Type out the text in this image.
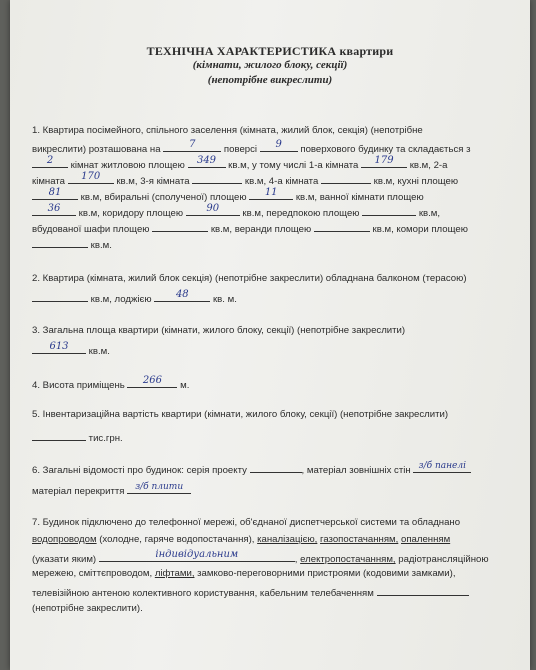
ТЕХНІЧНА ХАРАКТЕРИСТИКА квартири
(кімнати, жилого блоку, секції)
(непотрібне викреслити)
1. Квартира посімейного, спільного заселення (кімната, жилий блок, секція) (непотрібне
викреслити) розташована на	7	поверсі	9	поверхового будинку та складається з
2	кімнат житловою площею	349	кв.м, у тому числі 1-а кімната	179	кв.м, 2-а
кімната	170	кв.м, 3-я кімната	кв.м, 4-а кімната	кв.м, кухні площею
81	кв.м, вбиральні (сполученої) площею	11	кв.м, ванної кімнати площею
36	кв.м, коридору площею	90	кв.м, передпокою площею	кв.м,
вбудованої шафи площею	кв.м, веранди площею	кв.м, комори площею
кв.м.
2. Квартира (кімната, жилий блок секція) (непотрібне закреслити) обладнана балконом (терасою)
кв.м, лоджією	48	кв. м.
3. Загальна площа квартири (кімнати, жилого блоку, секції) (непотрібне закреслити)
613	кв.м.
4. Висота приміщень	266	м.
5. Інвентаризаційна вартість квартири (кімнати, жилого блоку, секції) (непотрібне закреслити)
тис.грн.
6. Загальні відомості про будинок: серія проекту	, матеріал зовнішніх стін з/б панелі
матеріал перекриття	з/б плити
7. Будинок підключено до телефонної мережі, об'єднаної диспетчерської системи та обладнано
водопроводом (холодне, гаряче водопостачання), каналізацією, газопостачанням, опаленням
(указати яким)	індивідуальним	, електропостачанням, радіотрансляційною
мережею, сміттєпроводом, ліфтами, замково-переговорними пристроями (кодовими замками),
телевізійною антеною колективного користування, кабельним телебаченням
(непотрібне закреслити).
